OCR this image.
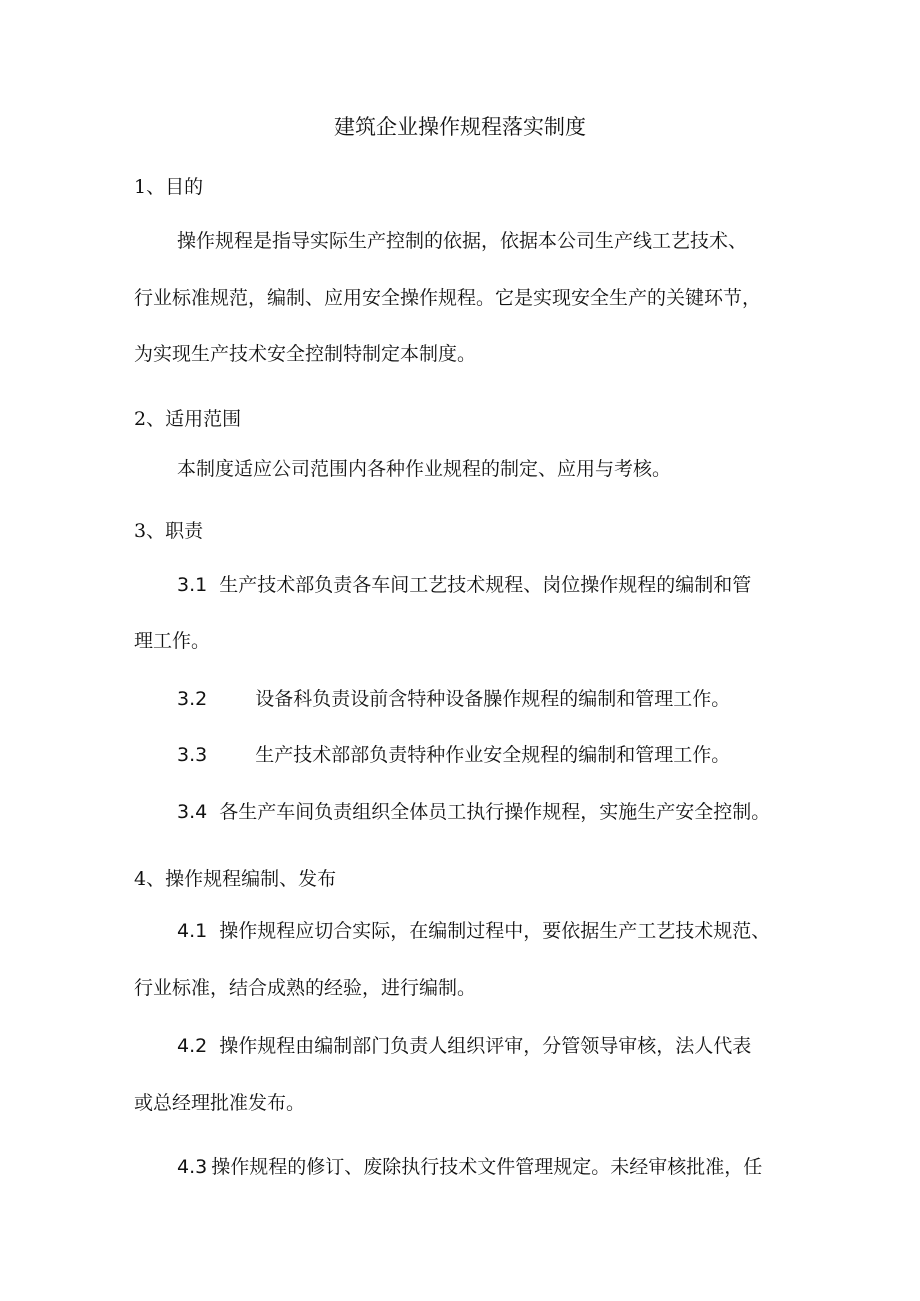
建筑企业操作规程落实制度
1、目的
操作规程是指导实际生产控制的依据，依据本公司生产线工艺技术、
行业标准规范，编制、应用安全操作规程。它是实现安全生产的关键环节，
为实现生产技术安全控制特制定本制度。
2、适用范围
本制度适应公司范围内各种作业规程的制定、应用与考核。
3、职责
3.1 生产技术部负责各车间工艺技术规程、岗位操作规程的编制和管
理工作。
3.2	设备科负责设前含特种设备臊作规程的编制和管理工作。
3.3	生产技术部部负责特种作业安全规程的编制和管理工作。
3.4 各生产车间负责组织全体员工执行操作规程，实施生产安全控制。
4、操作规程编制、发布
4.1 操作规程应切合实际，在编制过程中，要依据生产工艺技术规范、
行业标准，结合成熟的经验，进行编制。
4.2 操作规程由编制部门负责人组织评审，分管领导审核，法人代表
或总经理批准发布。
4.3 操作规程的修订、废除执行技术文件管理规定。未经审核批准，任
